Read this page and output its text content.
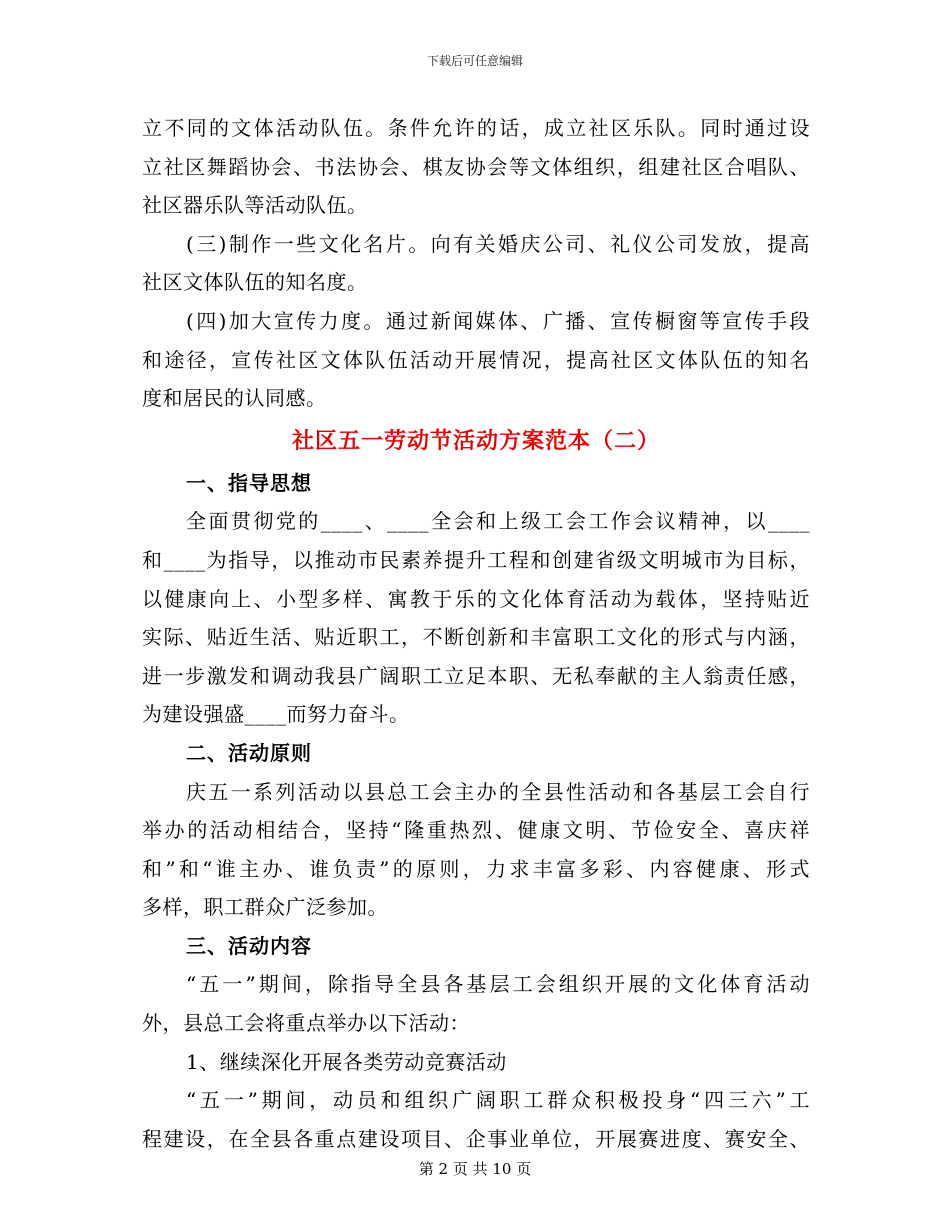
下载后可任意编辑
立不同的文体活动队伍。条件允许的话，成立社区乐队。同时通过设
立社区舞蹈协会、书法协会、棋友协会等文体组织，组建社区合唱队、
社区器乐队等活动队伍。
(三)制作一些文化名片。向有关婚庆公司、礼仪公司发放，提高
社区文体队伍的知名度。
(四)加大宣传力度。通过新闻媒体、广播、宣传橱窗等宣传手段
和途径，宣传社区文体队伍活动开展情况，提高社区文体队伍的知名
度和居民的认同感。
社区五一劳动节活动方案范本（二）
一、指导思想
全面贯彻党的____、____全会和上级工会工作会议精神，以____
和____为指导，以推动市民素养提升工程和创建省级文明城市为目标，
以健康向上、小型多样、寓教于乐的文化体育活动为载体，坚持贴近
实际、贴近生活、贴近职工，不断创新和丰富职工文化的形式与内涵，
进一步激发和调动我县广阔职工立足本职、无私奉献的主人翁责任感，
为建设强盛____而努力奋斗。
二、活动原则
庆五一系列活动以县总工会主办的全县性活动和各基层工会自行
举办的活动相结合，坚持“隆重热烈、健康文明、节俭安全、喜庆祥
和”和“谁主办、谁负责”的原则，力求丰富多彩、内容健康、形式
多样，职工群众广泛参加。
三、活动内容
“五一”期间，除指导全县各基层工会组织开展的文化体育活动
外，县总工会将重点举办以下活动：
1、继续深化开展各类劳动竞赛活动
“五一”期间，动员和组织广阔职工群众积极投身“四三六”工
程建设，在全县各重点建设项目、企事业单位，开展赛进度、赛安全、
第 2 页 共 10 页
